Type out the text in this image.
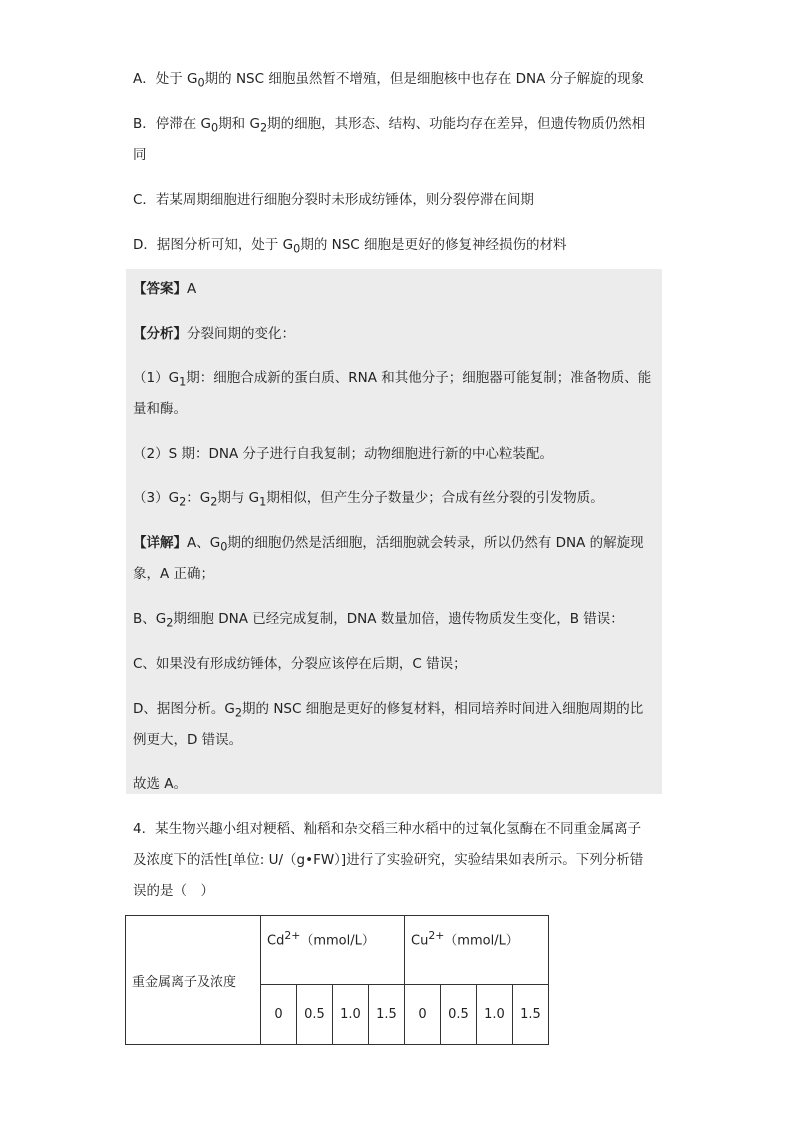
A．处于 $G_0$期的 NSC 细胞虽然暂不增殖，但是细胞核中也存在 DNA 分子解旋的现象
B．停滞在 $G_0$期和 $G_2$期的细胞，其形态、结构、功能均存在差异，但遗传物质仍然相
同
C．若某周期细胞进行细胞分裂时未形成纺锤体，则分裂停滞在间期
D．据图分析可知，处于 $G_0$期的 NSC 细胞是更好的修复神经损伤的材料
【答案】A
【分析】分裂间期的变化：
$(1)G_1$期：细胞合成新的蛋白质、RNA 和其他分子；细胞器可能复制；准备物质、能
量和酶。
（2）S 期：DNA 分子进行自我复制；动物细胞进行新的中心粒装配。
$(3)G_2$：$G_2$期与 $G_1$期相似，但产生分子数量少；合成有丝分裂的引发物质。
【详解】A、$G_0$期的细胞仍然是活细胞，活细胞就会转录，所以仍然有 DNA 的解旋现
象，A 正确；
B、$G_2$期细胞 DNA 已经完成复制，DNA 数量加倍，遗传物质发生变化，B 错误：
C、如果没有形成纺锤体，分裂应该停在后期，C 错误；
D、据图分析。$G_2$期的 NSC 细胞是更好的修复材料，相同培养时间进入细胞周期的比
例更大，D 错误。
故选 A。
4．某生物兴趣小组对粳稻、籼稻和杂交稻三种水稻中的过氧化氢酶在不同重金属离子
及浓度下的活性[单位: U/（g•FW）]进行了实验研究，实验结果如表所示。下列分析错
误的是（　）
重金属离子及浓度	$Cd^{2+}(mmol/L)$				$Cu^{2+}(mmol/L)$			
	0	0.5	1.0	1.5	0	0.5	1.0	1.5
